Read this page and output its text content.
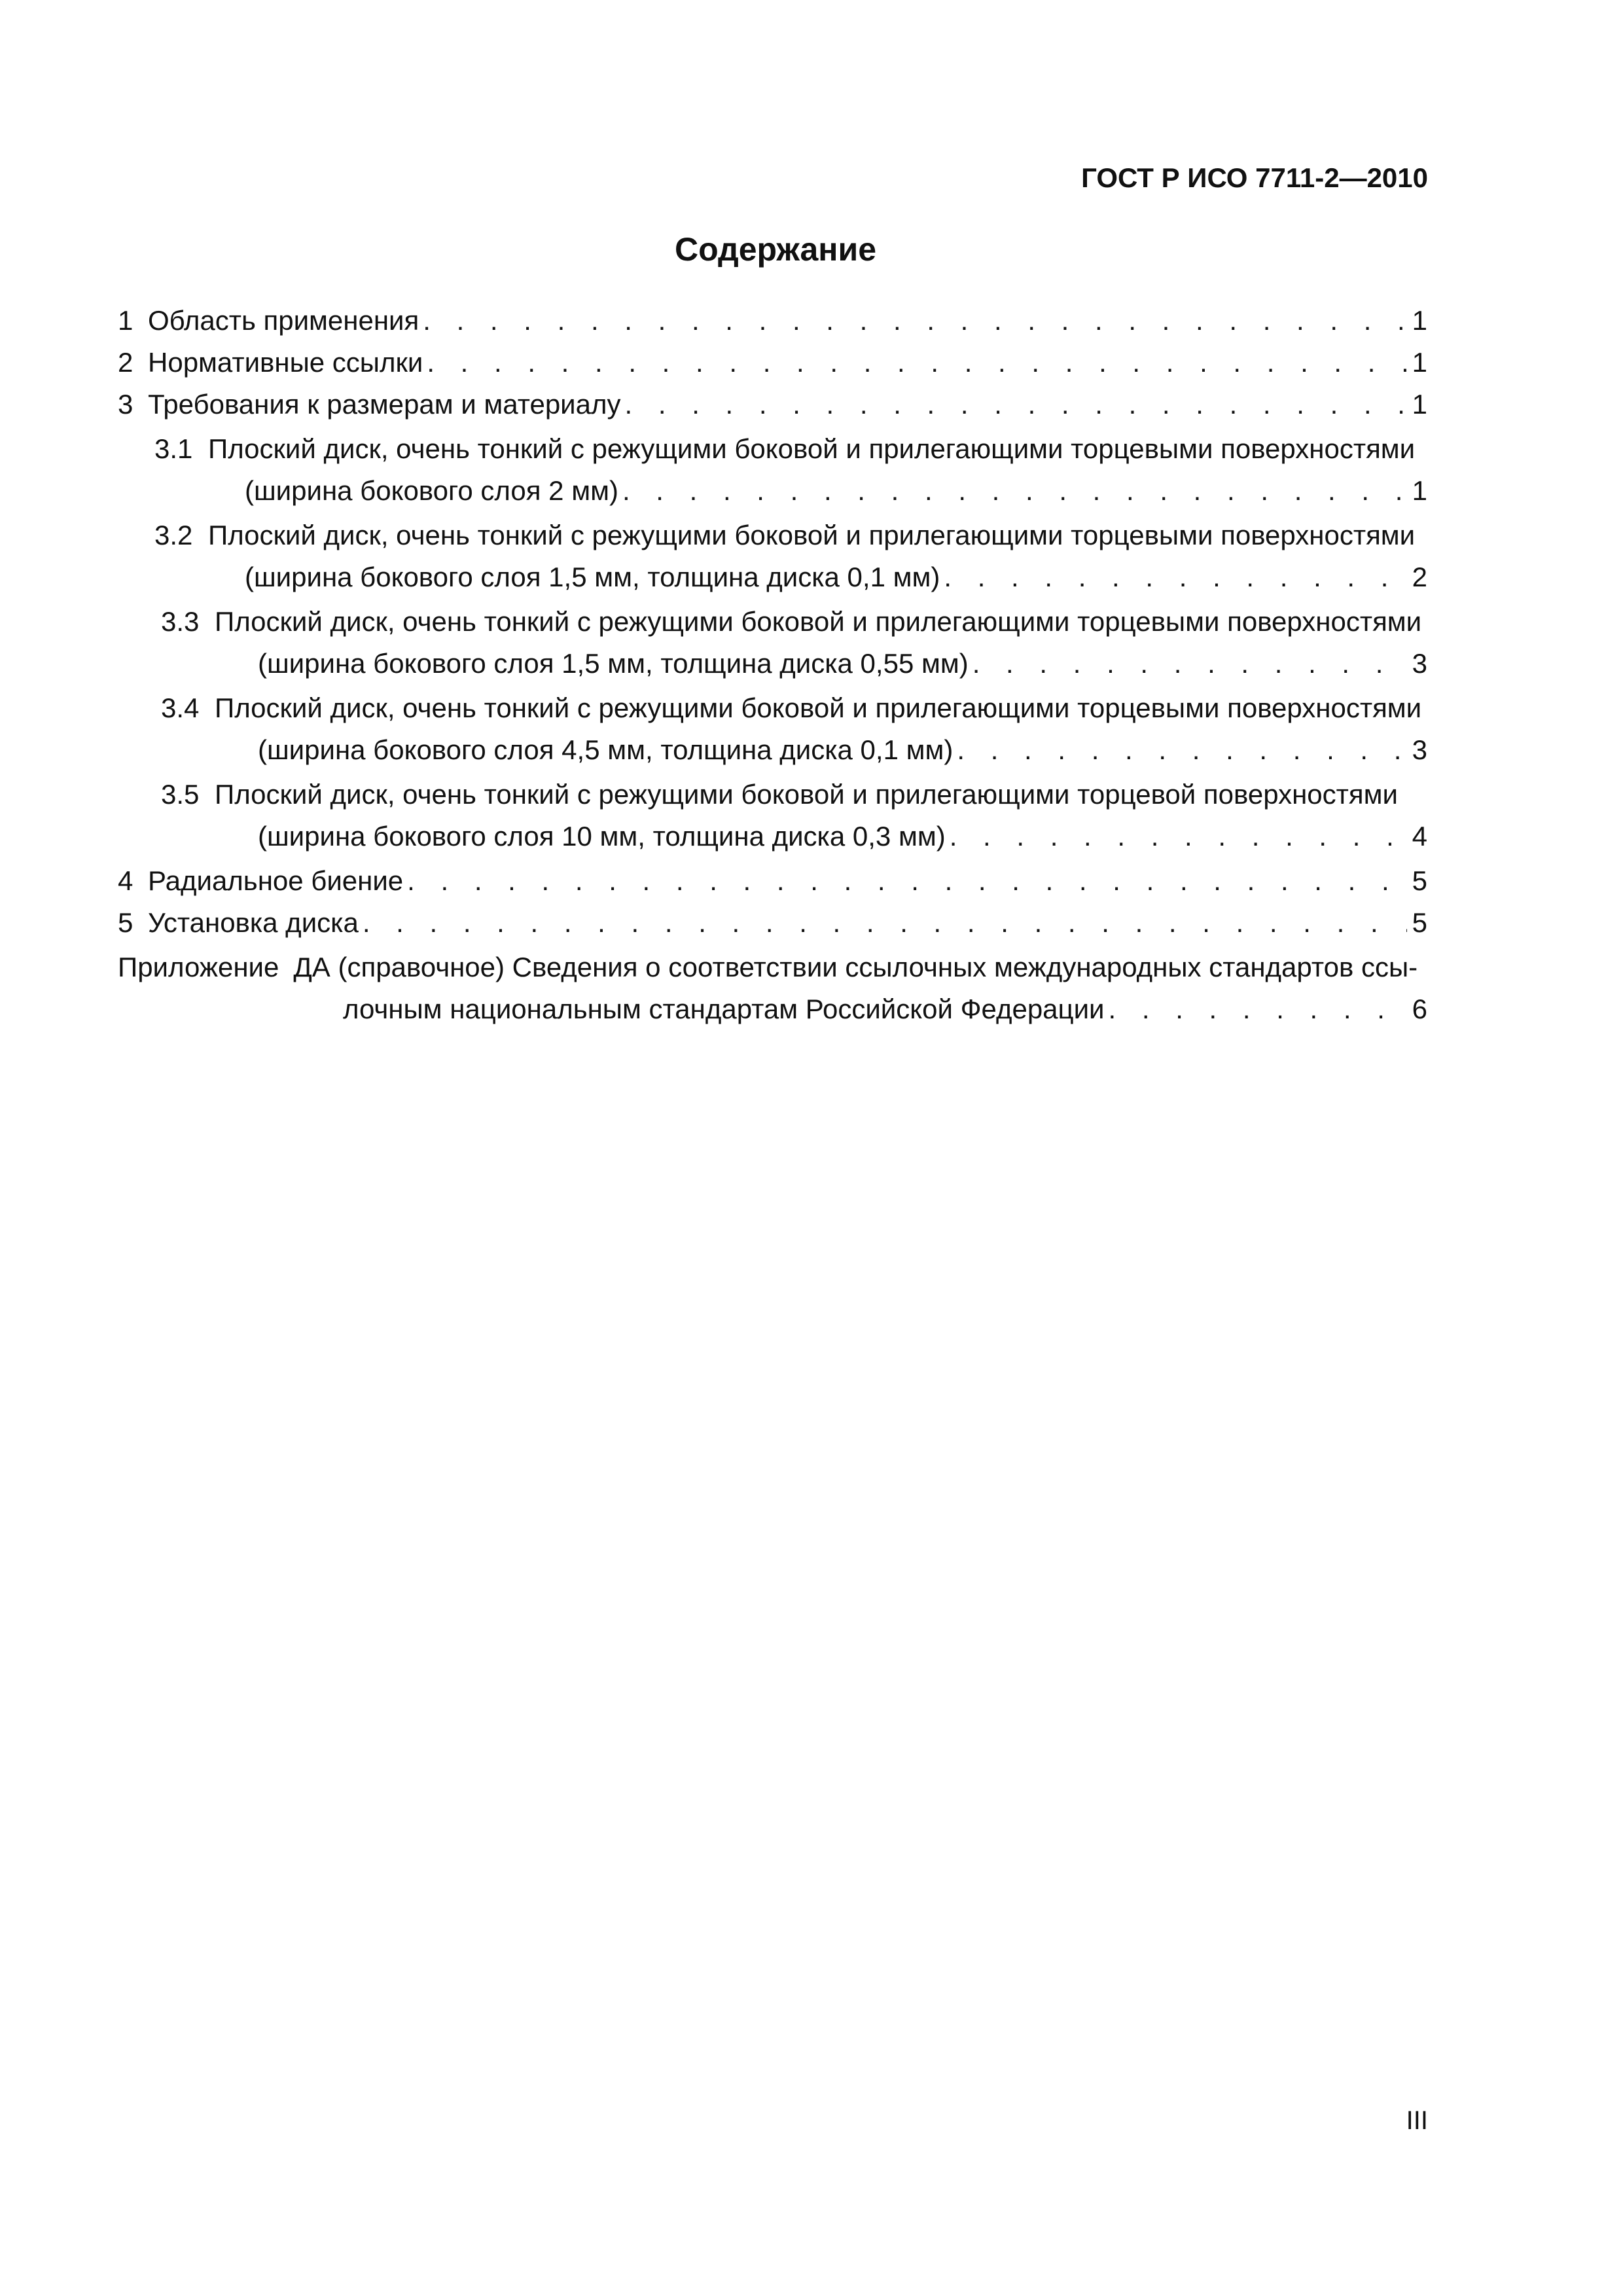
ГОСТ Р ИСО 7711-2—2010
Содержание
1 Область применения . . .	1
2 Нормативные ссылки . . .	1
3 Требования к размерам и материалу . . .	1
3.1 Плоский диск, очень тонкий с режущими боковой и прилегающими торцевыми поверхностями
(ширина бокового слоя 2 мм) . . .	1
3.2 Плоский диск, очень тонкий с режущими боковой и прилегающими торцевыми поверхностями
(ширина бокового слоя 1,5 мм, толщина диска 0,1 мм) . . .	2
3.3 Плоский диск, очень тонкий с режущими боковой и прилегающими торцевыми поверхностями
(ширина бокового слоя 1,5 мм, толщина диска 0,55 мм) . . .	3
3.4 Плоский диск, очень тонкий с режущими боковой и прилегающими торцевыми поверхностями
(ширина бокового слоя 4,5 мм, толщина диска 0,1 мм) . . .	3
3.5 Плоский диск, очень тонкий с режущими боковой и прилегающими торцевой поверхностями
(ширина бокового слоя 10 мм, толщина диска 0,3 мм) . . .	4
4 Радиальное биение . . .	5
5 Установка диска . . .	5
Приложение ДА (справочное) Сведения о соответствии ссылочных международных стандартов ссы-
лочным национальным стандартам Российской Федерации . . .	6
III
